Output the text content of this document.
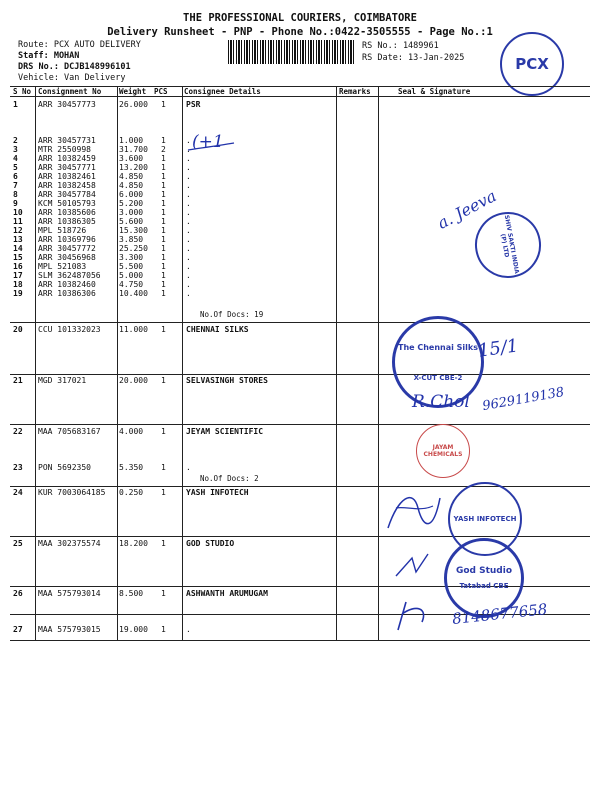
THE PROFESSIONAL COURIERS, COIMBATORE
Delivery Runsheet - PNP - Phone No.:0422-3505555 - Page No.:1
Route: PCX AUTO DELIVERY
Staff: MOHAN
DRS No.: DCJB148996101
Vehicle: Van Delivery
RS No.: 1489961
RS Date: 13-Jan-2025	PCX
S No Consignment No Weight PCS Consignee Details	Remarks	Seal & Signature
1	ARR 30457773	26.000 1	PSR
2	ARR 30457731	1.000 1	.
3	MTR 2550998	31.700 2	.
4	ARR 10382459	3.600 1	.
5	ARR 30457771	13.200 1	.
6	ARR 10382461	4.850 1	.
7	ARR 10382458	4.850 1	.
8	ARR 30457784	6.000 1	.
9	KCM 50105793	5.200 1	.
10 ARR 10385606	3.000 1	.
11 ARR 10386305	5.600 1	.
12 MPL 518726	15.300 1	.
13 ARR 10369796	3.850 1	.
14 ARR 30457772	25.250 1	.
15 ARR 30456968	3.300 1	.
16 MPL 521083	5.500 1	.
17 SLM 362487056 5.000 1	.
18 ARR 10382460	4.750 1	.
19 ARR 10386306	10.400 1	.
No.Of Docs: 19
20 CCU 101332023 11.000 1	CHENNAI SILKS
21 MGD 317021	20.000 1	SELVASINGH STORES
22 MAA 705683167 4.000 1	JEYAM SCIENTIFIC
23 PON 5692350	5.350 1	.
No.Of Docs: 2
24 KUR 7003064185 0.250 1	YASH INFOTECH
25 MAA 302375574 18.200 1	GOD STUDIO
26 MAA 575793014 8.500 1	ASHWANTH ARUMUGAM
27 MAA 575793015 19.000 1	.
(+1
a. Jeeva
SHIV SAKTI INDIA (P) LTD
The Chennai Silks
X-CUT CBE-2
15/1
R.Chol 9629119138
JAYAM CHEMICALS
YASH INFOTECH
God Studio
Tatabad CBE
8148677658
